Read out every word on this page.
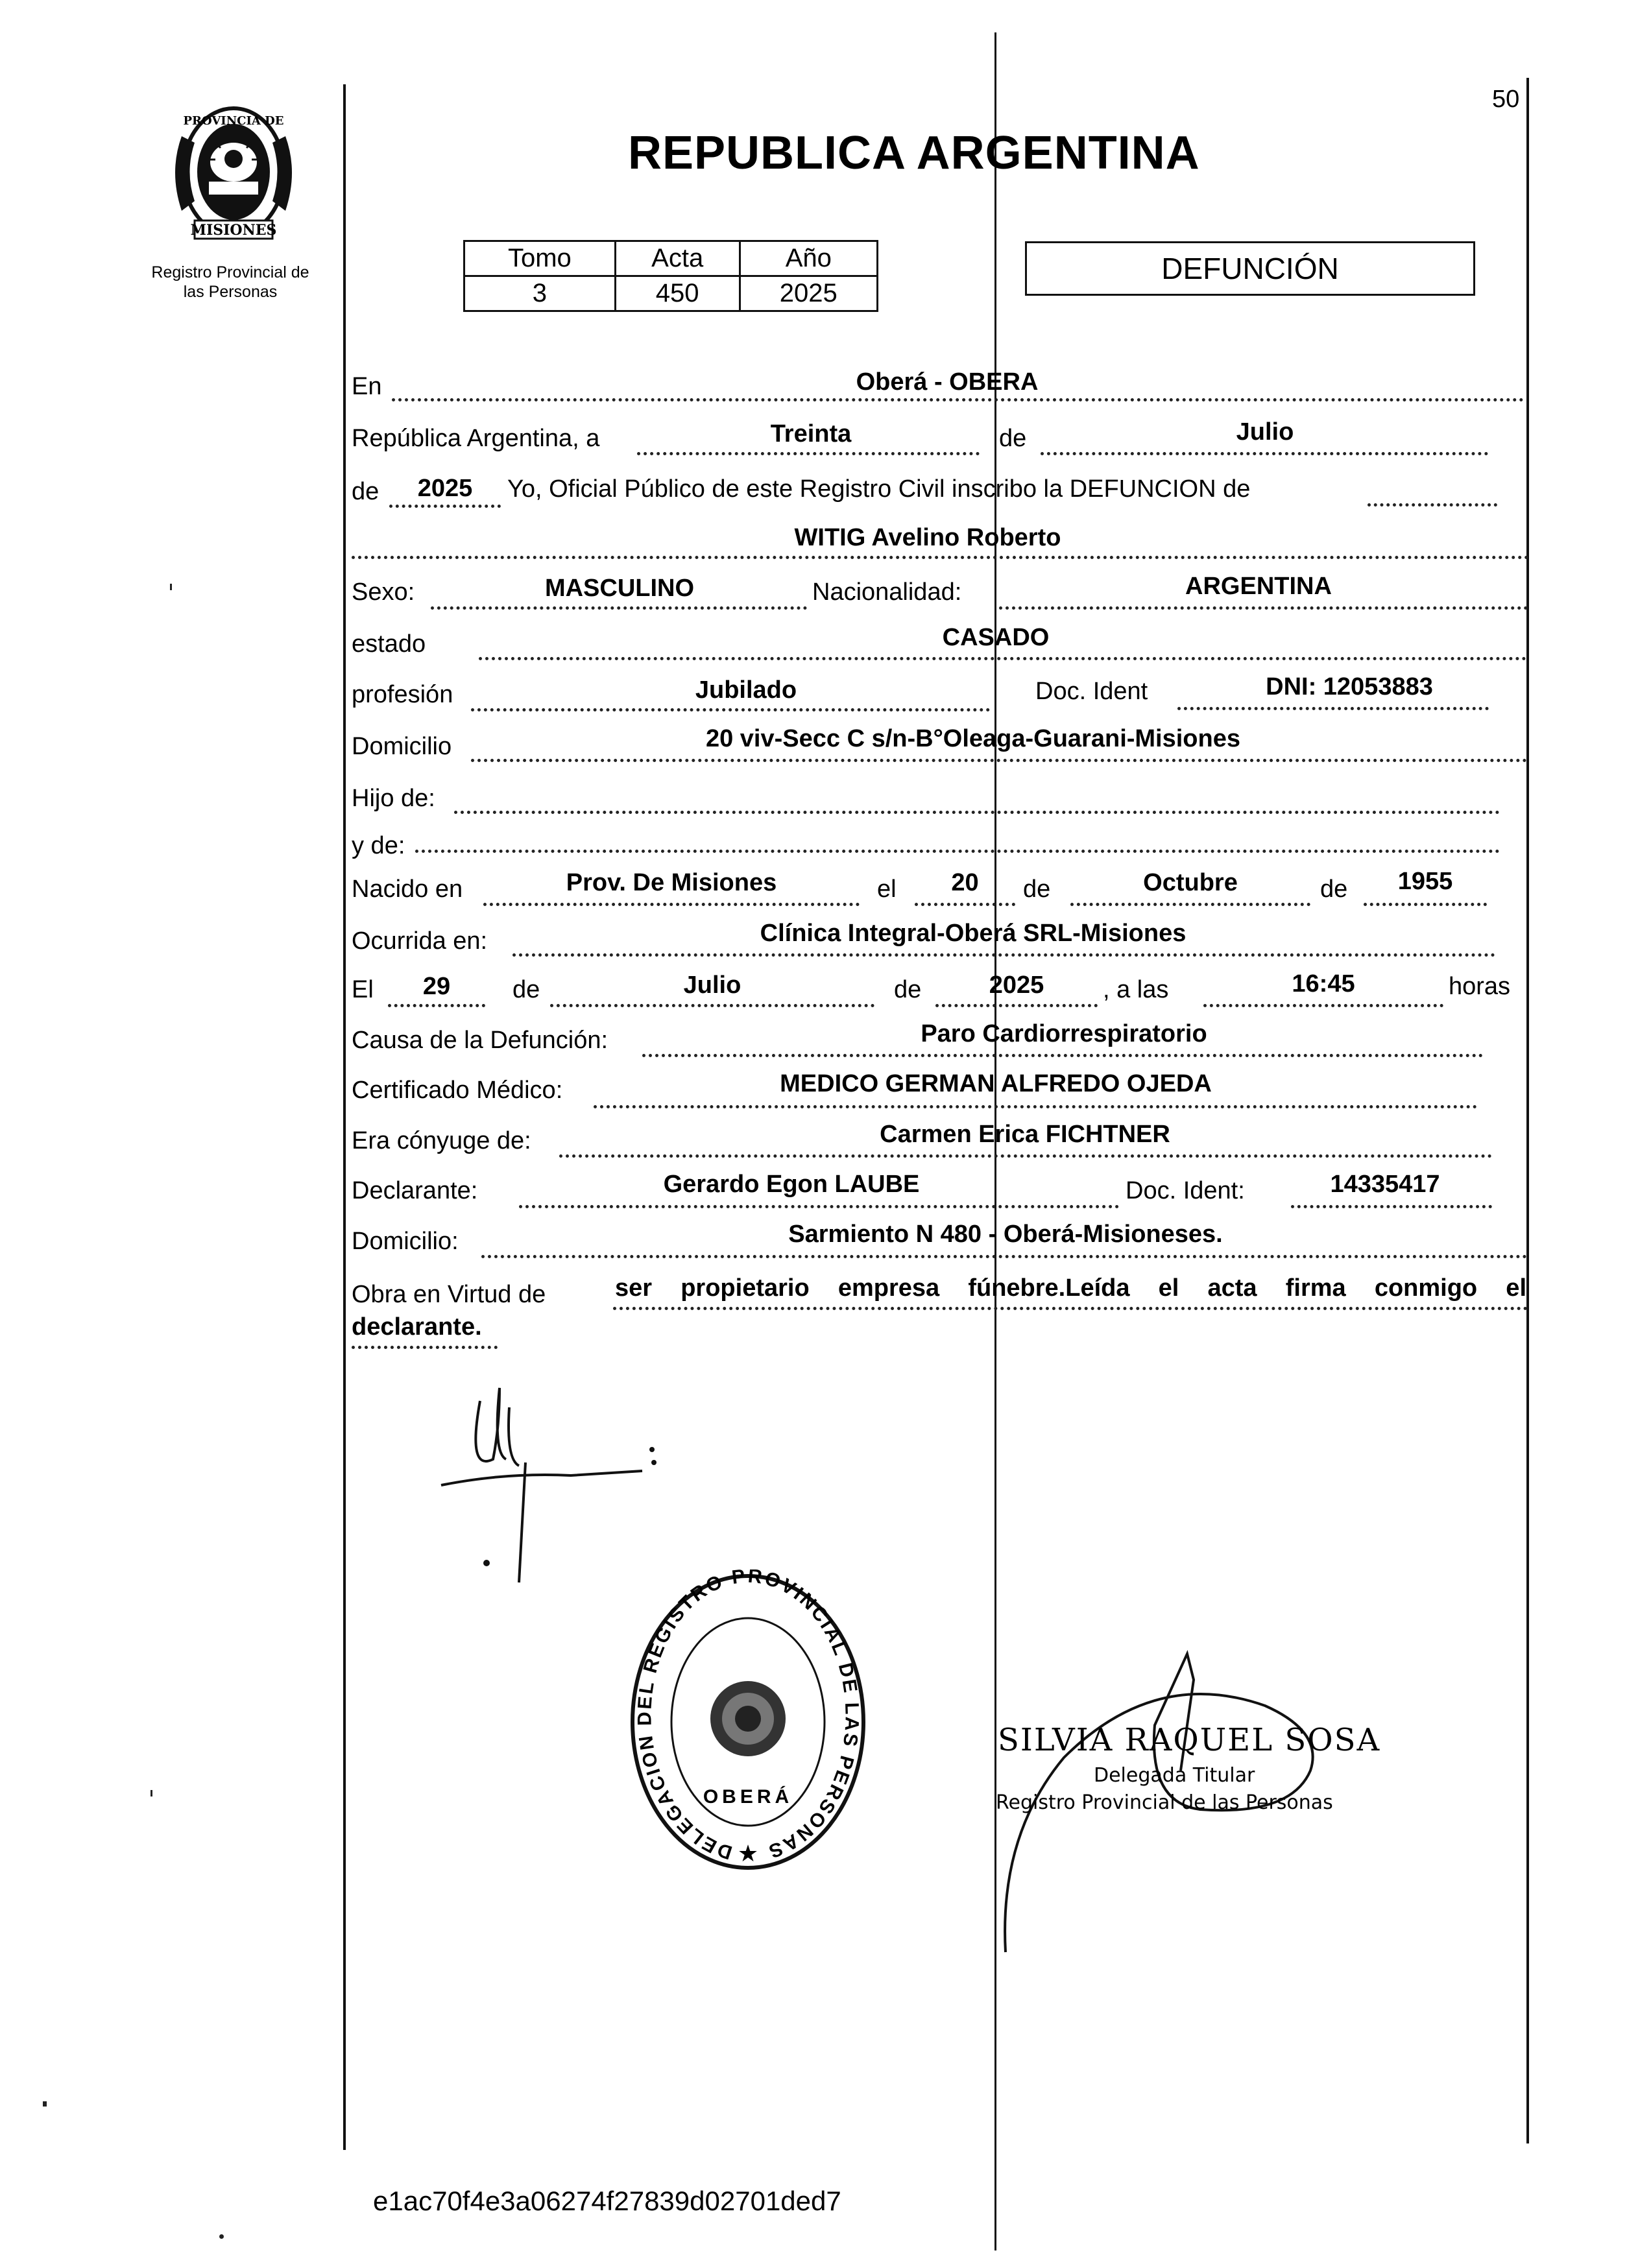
PROVINCIA DE
MISIONES
Registro Provincial de
las Personas
50
REPUBLICA ARGENTINA
Tomo	Acta	Año
3	450	2025
DEFUNCIÓN
En	Oberá - OBERA
República Argentina, a	Treinta	de	Julio
de	2025	Yo, Oficial Público de este Registro Civil inscribo la DEFUNCION de
WITIG Avelino Roberto
Sexo:	MASCULINO	Nacionalidad:	ARGENTINA
estado	CASADO
profesión	Jubilado	Doc. Ident	DNI: 12053883
Domicilio	20 viv-Secc C s/n-B°Oleaga-Guarani-Misiones
Hijo de:
y de:
Nacido en	Prov. De Misiones	el	20	de	Octubre	de	1955
Ocurrida en:	Clínica Integral-Oberá SRL-Misiones
El	29	de	Julio	de	2025	, a las	16:45	horas
Causa de la Defunción:	Paro Cardiorrespiratorio
Certificado Médico:	MEDICO GERMAN ALFREDO OJEDA
Era cónyuge de:	Carmen Erica FICHTNER
Declarante:	Gerardo Egon LAUBE	Doc. Ident:	14335417
Domicilio:	Sarmiento N 480 - Oberá-Misioneses.
Obra en Virtud de	ser propietario empresa fúnebre.Leída el acta firma conmigo el
declarante.
DELEGACION DEL REGISTRO PROVINCIAL DE LAS PERSONAS
OBERÁ
★
SILVIA RAQUEL SOSA
Delegada Titular
Registro Provincial de las Personas
e1ac70f4e3a06274f27839d02701ded7
